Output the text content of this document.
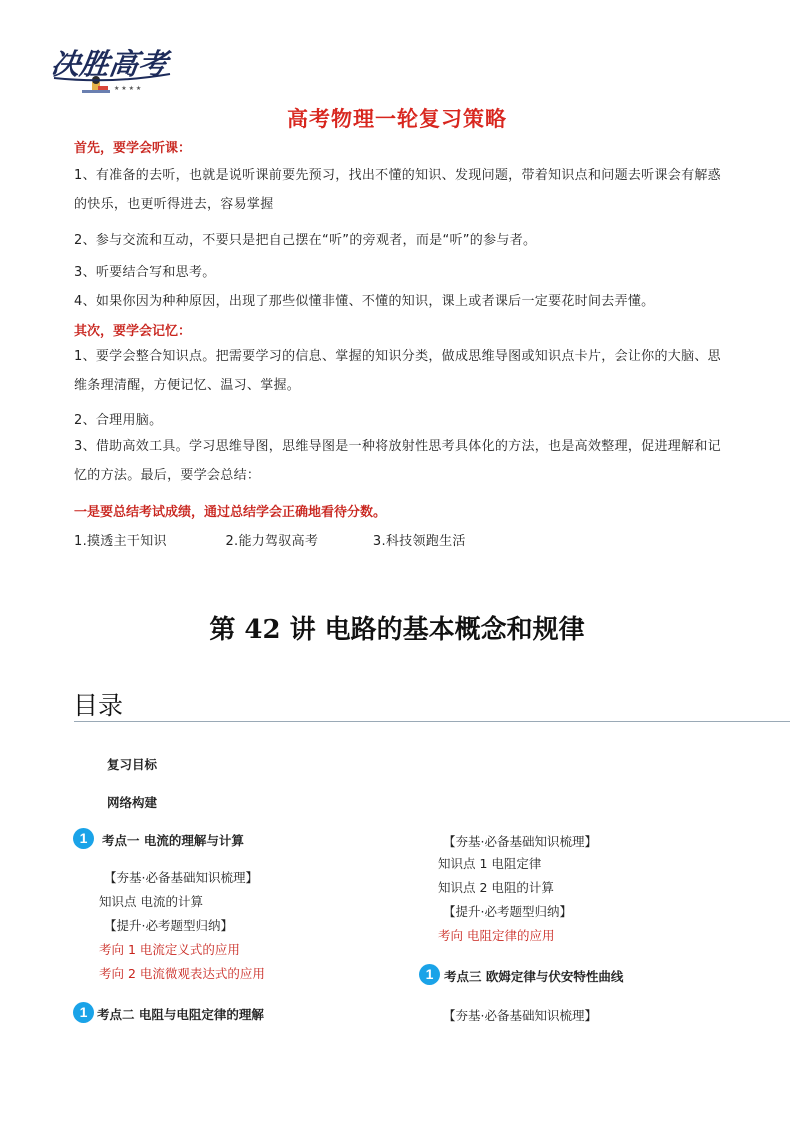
决胜高考
★ ★ ★ ★
高考物理一轮复习策略
首先，要学会听课：
1、有准备的去听，也就是说听课前要先预习，找出不懂的知识、发现问题，带着知识点和问题去听课会有解惑的快乐，也更听得进去，容易掌握
2、参与交流和互动，不要只是把自己摆在“听”的旁观者，而是“听”的参与者。
3、听要结合写和思考。
4、如果你因为种种原因，出现了那些似懂非懂、不懂的知识，课上或者课后一定要花时间去弄懂。
其次，要学会记忆：
1、要学会整合知识点。把需要学习的信息、掌握的知识分类，做成思维导图或知识点卡片，会让你的大脑、思维条理清醒，方便记忆、温习、掌握。
2、合理用脑。
3、借助高效工具。学习思维导图，思维导图是一种将放射性思考具体化的方法，也是高效整理，促进理解和记忆的方法。最后，要学会总结：
一是要总结考试成绩，通过总结学会正确地看待分数。
1.摸透主干知识	2.能力驾驭高考	3.科技领跑生活
第 42 讲 电路的基本概念和规律
目录
复习目标
网络构建
1	考点一 电流的理解与计算
【夯基·必备基础知识梳理】
知识点 电流的计算
【提升·必考题型归纳】
考向 1 电流定义式的应用
考向 2 电流微观表达式的应用
1 考点二 电阻与电阻定律的理解
【夯基·必备基础知识梳理】
知识点 1 电阻定律
知识点 2 电阻的计算
【提升·必考题型归纳】
考向 电阻定律的应用
1 考点三 欧姆定律与伏安特性曲线
【夯基·必备基础知识梳理】
